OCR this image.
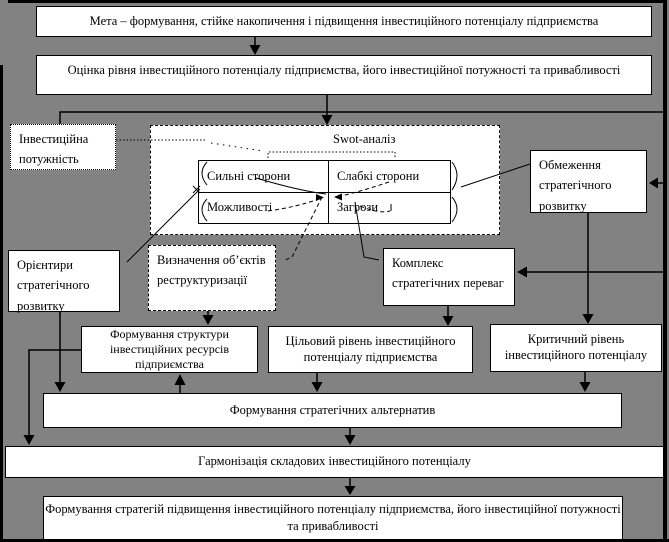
Мета – формування, стійке накопичення і підвищення інвестиційного потенціалу підприємства
Оцінка рівня інвестиційного потенціалу підприємства, його інвестиційної потужності та привабливості
Інвестиційна потужність
Swot-аналіз
Сильні сторони	Слабкі сторони
Можливості	Загрози
Обмеження стратегічного розвитку
Орієнтири стратегічного розвитку
Визначення об’єктів реструктуризації
Комплекс стратегічних переваг
Формування структури інвестиційних ресурсів підприємства
Цільовий рівень інвестиційного потенціалу підприємства
Критичний рівень інвестиційного потенціалу
Формування стратегічних альтернатив
Гармонізація складових інвестиційного потенціалу
Формування стратегій підвищення інвестиційного потенціалу підприємства, його інвестиційної потужності та привабливості
